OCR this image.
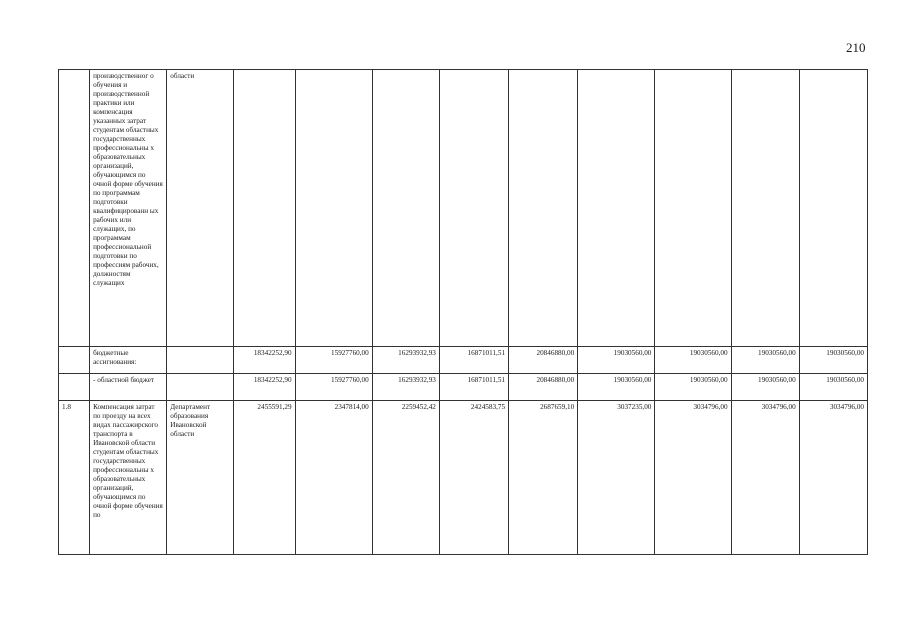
210
	производственног о обучения и производственной практики или компенсация указанных затрат студентам областных государственных профессиональны х образовательных организаций, обучающимся по очной форме обучения по программам подготовки квалифицированн ых рабочих или служащих, по программам профессиональной подготовки по профессиям рабочих, должностям служащих	области									
	бюджетные ассигнования:		18342252,90	15927760,00	16293932,93	16871011,51	20846880,00	19030560,00	19030560,00	19030560,00	19030560,00
	- областной бюджет		18342252,90	15927760,00	16293932,93	16871011,51	20846880,00	19030560,00	19030560,00	19030560,00	19030560,00
1.8	Компенсация затрат по проезду на всех видах пассажирского транспорта в Ивановской области студентам областных государственных профессиональны х образовательных организаций, обучающимся по очной форме обучения по	Департамент образования Ивановской области	2455591,29	2347814,00	2259452,42	2424583,75	2687659,10	3037235,00	3034796,00	3034796,00	3034796,00
